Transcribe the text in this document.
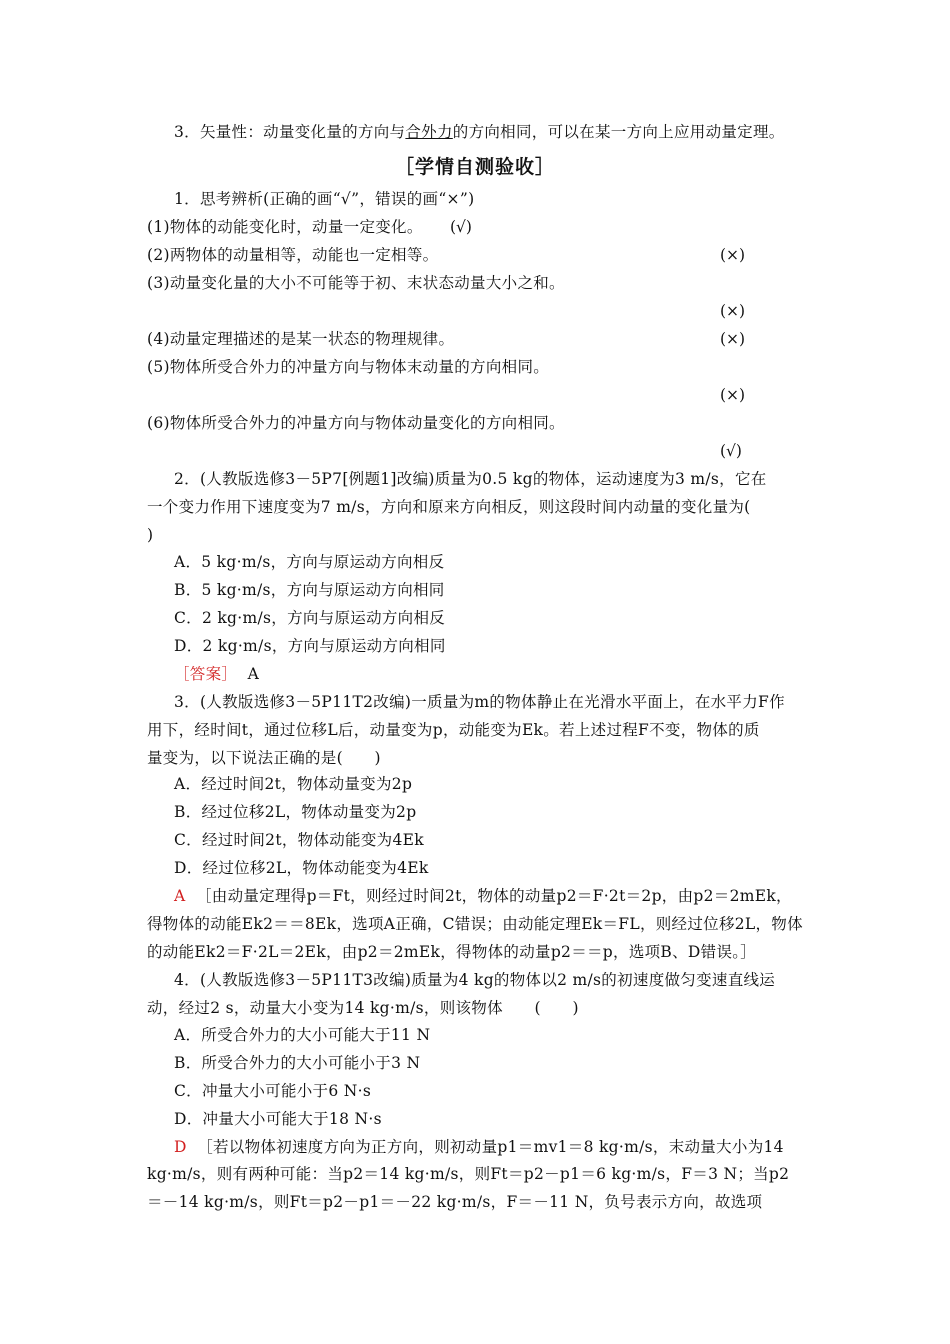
3．矢量性：动量变化量的方向与合外力的方向相同，可以在某一方向上应用动量定理。
［学情自测验收］
1．思考辨析(正确的画“√”，错误的画“×”)
(1)物体的动能变化时，动量一定变化。 (√)
(2)两物体的动量相等，动能也一定相等。	(×)
(3)动量变化量的大小不可能等于初、末状态动量大小之和。
(×)
(4)动量定理描述的是某一状态的物理规律。	(×)
(5)物体所受合外力的冲量方向与物体末动量的方向相同。
(×)
(6)物体所受合外力的冲量方向与物体动量变化的方向相同。
(√)
2．(人教版选修3－5P7[例题1]改编)质量为0.5 kg的物体，运动速度为3 m/s，它在
一个变力作用下速度变为7 m/s，方向和原来方向相反，则这段时间内动量的变化量为(
)
A．5 kg·m/s，方向与原运动方向相反
B．5 kg·m/s，方向与原运动方向相同
C．2 kg·m/s，方向与原运动方向相反
D．2 kg·m/s，方向与原运动方向相同
［答案］ A
3．(人教版选修3－5P11T2改编)一质量为m的物体静止在光滑水平面上，在水平力F作
用下，经时间t，通过位移L后，动量变为p，动能变为Ek。若上述过程F不变，物体的质
量变为，以下说法正确的是(　　)
A．经过时间2t，物体动量变为2p
B．经过位移2L，物体动量变为2p
C．经过时间2t，物体动能变为4Ek
D．经过位移2L，物体动能变为4Ek
A ［由动量定理得p＝Ft，则经过时间2t，物体的动量p2＝F·2t＝2p，由p2＝2mEk，
得物体的动能Ek2＝＝8Ek，选项A正确，C错误；由动能定理Ek＝FL，则经过位移2L，物体
的动能Ek2＝F·2L＝2Ek，由p2＝2mEk，得物体的动量p2＝＝p，选项B、D错误。］
4．(人教版选修3－5P11T3改编)质量为4 kg的物体以2 m/s的初速度做匀变速直线运
动，经过2 s，动量大小变为14 kg·m/s，则该物体　　(　　)
A．所受合外力的大小可能大于11 N
B．所受合外力的大小可能小于3 N
C．冲量大小可能小于6 N·s
D．冲量大小可能大于18 N·s
D ［若以物体初速度方向为正方向，则初动量p1＝mv1＝8 kg·m/s，末动量大小为14
kg·m/s，则有两种可能：当p2＝14 kg·m/s，则Ft＝p2－p1＝6 kg·m/s，F＝3 N；当p2
＝－14 kg·m/s，则Ft＝p2－p1＝－22 kg·m/s，F＝－11 N，负号表示方向，故选项
